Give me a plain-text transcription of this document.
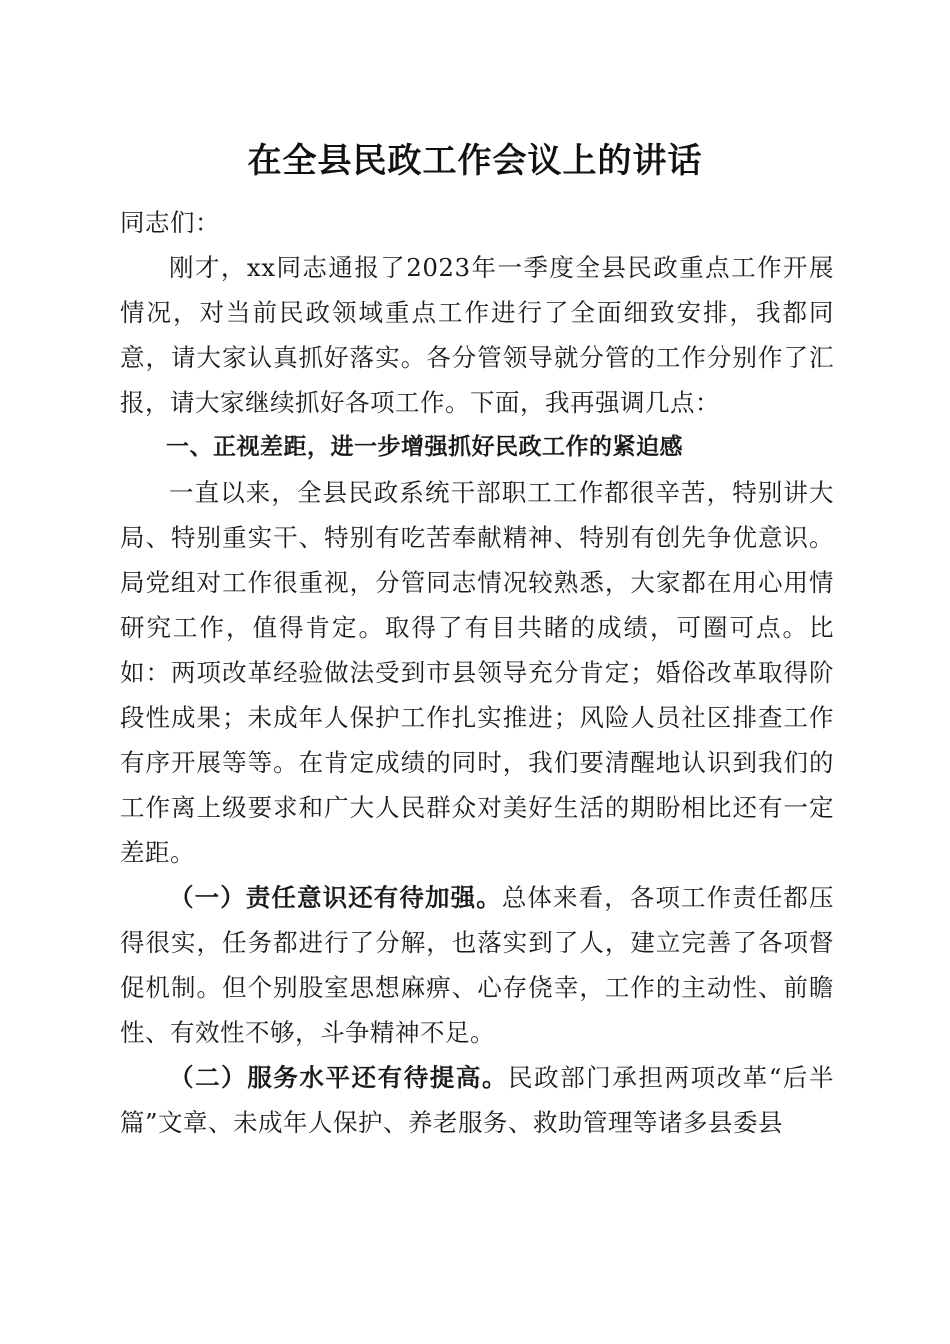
在全县民政工作会议上的讲话

同志们：

刚才，xx同志通报了2023年一季度全县民政重点工作开展情况，对当前民政领域重点工作进行了全面细致安排，我都同意，请大家认真抓好落实。各分管领导就分管的工作分别作了汇报，请大家继续抓好各项工作。下面，我再强调几点：

一、正视差距，进一步增强抓好民政工作的紧迫感

一直以来，全县民政系统干部职工工作都很辛苦，特别讲大局、特别重实干、特别有吃苦奉献精神、特别有创先争优意识。局党组对工作很重视，分管同志情况较熟悉，大家都在用心用情研究工作，值得肯定。取得了有目共睹的成绩，可圈可点。比如：两项改革经验做法受到市县领导充分肯定；婚俗改革取得阶段性成果；未成年人保护工作扎实推进；风险人员社区排查工作有序开展等等。在肯定成绩的同时，我们要清醒地认识到我们的工作离上级要求和广大人民群众对美好生活的期盼相比还有一定差距。

（一）责任意识还有待加强。总体来看，各项工作责任都压得很实，任务都进行了分解，也落实到了人，建立完善了各项督促机制。但个别股室思想麻痹、心存侥幸，工作的主动性、前瞻性、有效性不够，斗争精神不足。

（二）服务水平还有待提高。民政部门承担两项改革“后半篇”文章、未成年人保护、养老服务、救助管理等诸多县委县
